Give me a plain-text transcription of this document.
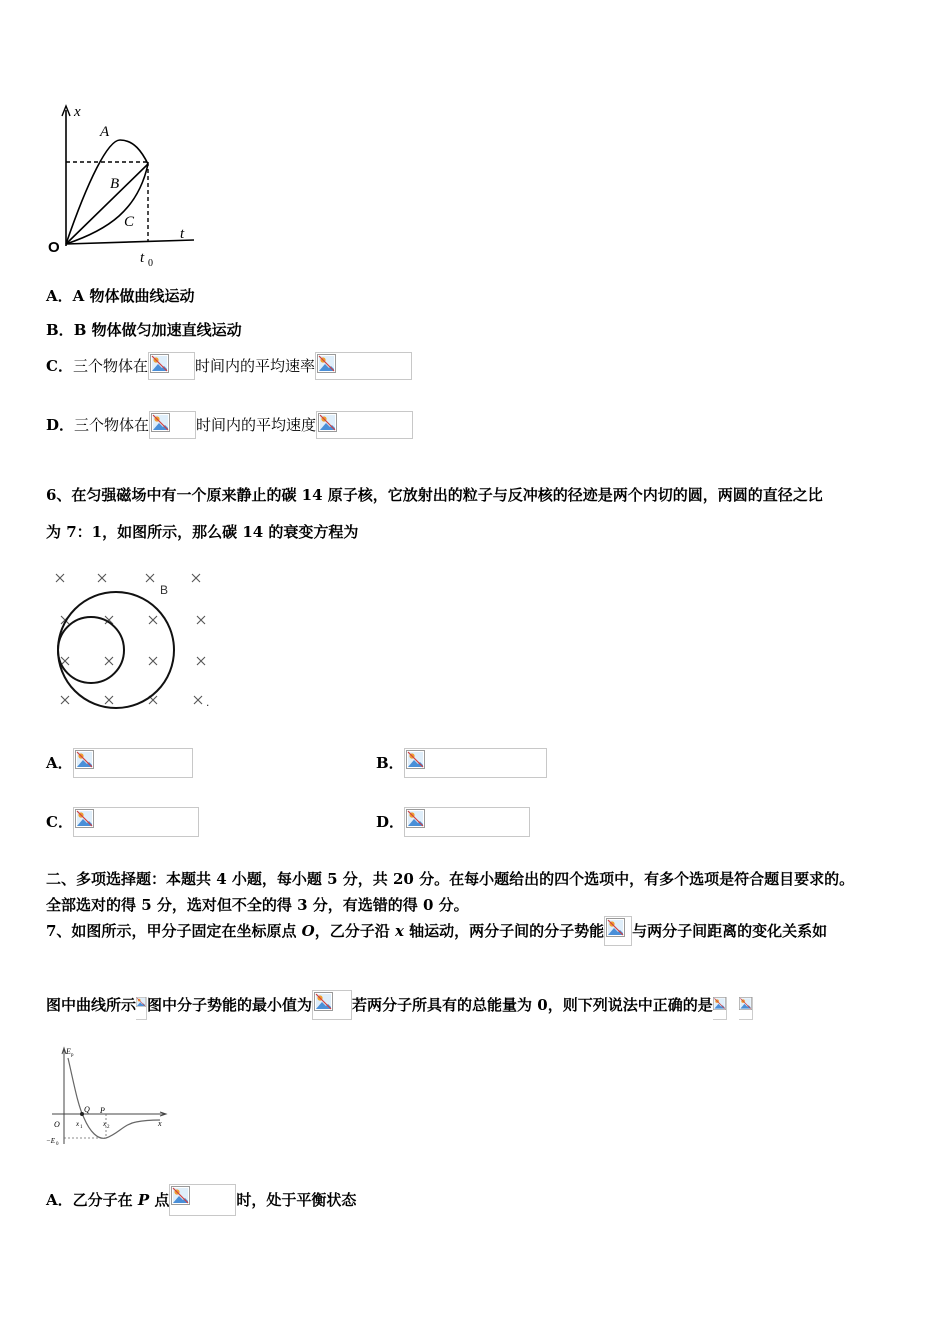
x
A
B
C
t
O
t 0
A．A 物体做曲线运动
B．B 物体做匀加速直线运动
C．三个物体在	时间内的平均速率
D．三个物体在	时间内的平均速度
6、在匀强磁场中有一个原来静止的碳 14 原子核，它放射出的粒子与反冲核的径迹是两个内切的圆，两圆的直径之比
为 7：1，如图所示，那么碳 14 的衰变方程为
B
.
A．	B．
C．	D．
二、多项选择题：本题共 4 小题，每小题 5 分，共 20 分。在每小题给出的四个选项中，有多个选项是符合题目要求的。
全部选对的得 5 分，选对但不全的得 3 分，有选错的得 0 分。
7、如图所示，甲分子固定在坐标原点 O，乙分子沿 x 轴运动，两分子间的分子势能 与两分子间距离的变化关系如
图中曲线所示 图中分子势能的最小值为	若两分子所具有的总能量为 0，则下列说法中正确的是
E p
O
Q P
x
x 1	x 2
−E 0
A．乙分子在 P 点	时，处于平衡状态
